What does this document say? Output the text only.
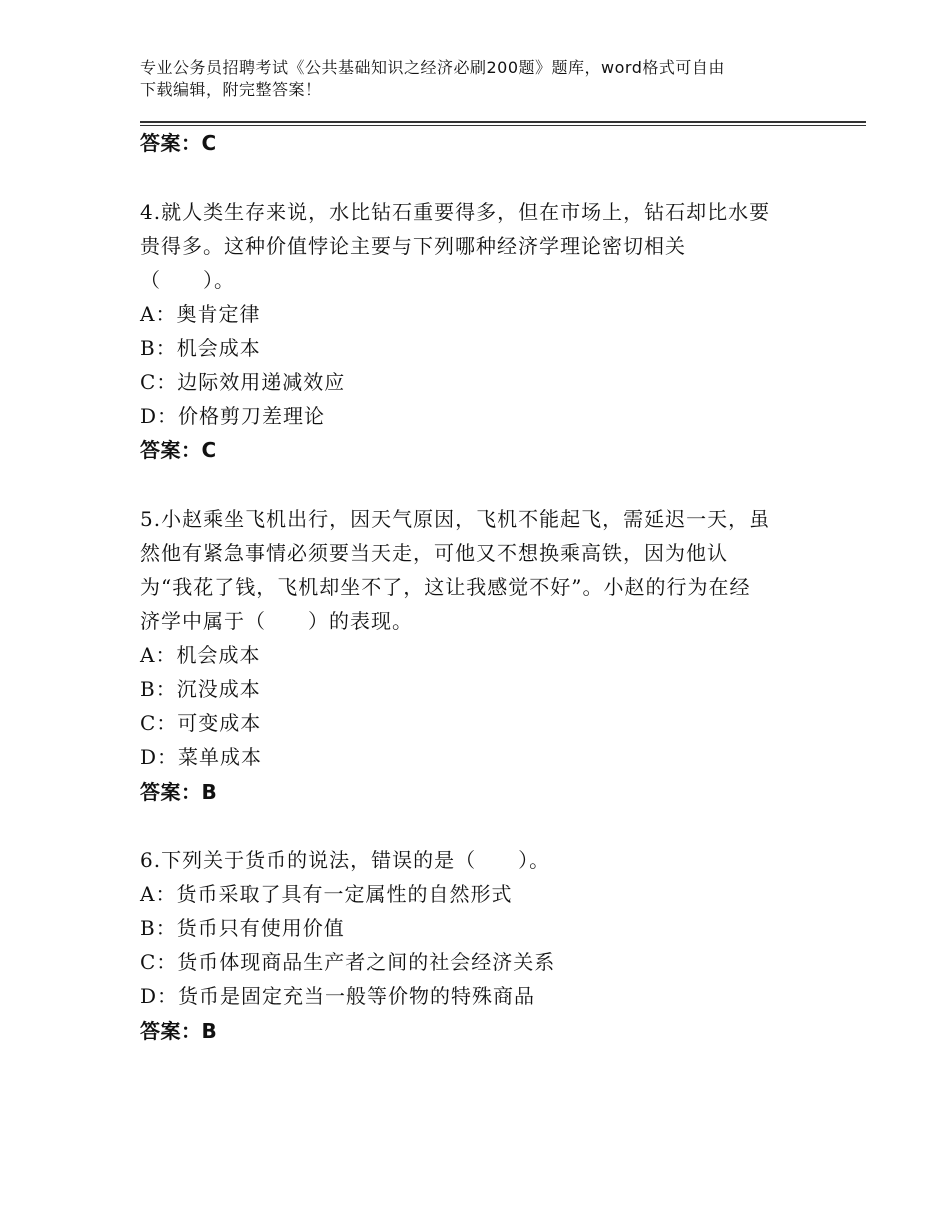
专业公务员招聘考试《公共基础知识之经济必刷200题》题库，word格式可自由
下载编辑，附完整答案！
答案：C
4.就人类生存来说，水比钻石重要得多，但在市场上，钻石却比水要
贵得多。这种价值悖论主要与下列哪种经济学理论密切相关
（　　）。
A：奥肯定律
B：机会成本
C：边际效用递减效应
D：价格剪刀差理论
答案：C
5.小赵乘坐飞机出行，因天气原因，飞机不能起飞，需延迟一天，虽
然他有紧急事情必须要当天走，可他又不想换乘高铁，因为他认
为“我花了钱，飞机却坐不了，这让我感觉不好”。小赵的行为在经
济学中属于（　　）的表现。
A：机会成本
B：沉没成本
C：可变成本
D：菜单成本
答案：B
6.下列关于货币的说法，错误的是（　　）。
A：货币采取了具有一定属性的自然形式
B：货币只有使用价值
C：货币体现商品生产者之间的社会经济关系
D：货币是固定充当一般等价物的特殊商品
答案：B
